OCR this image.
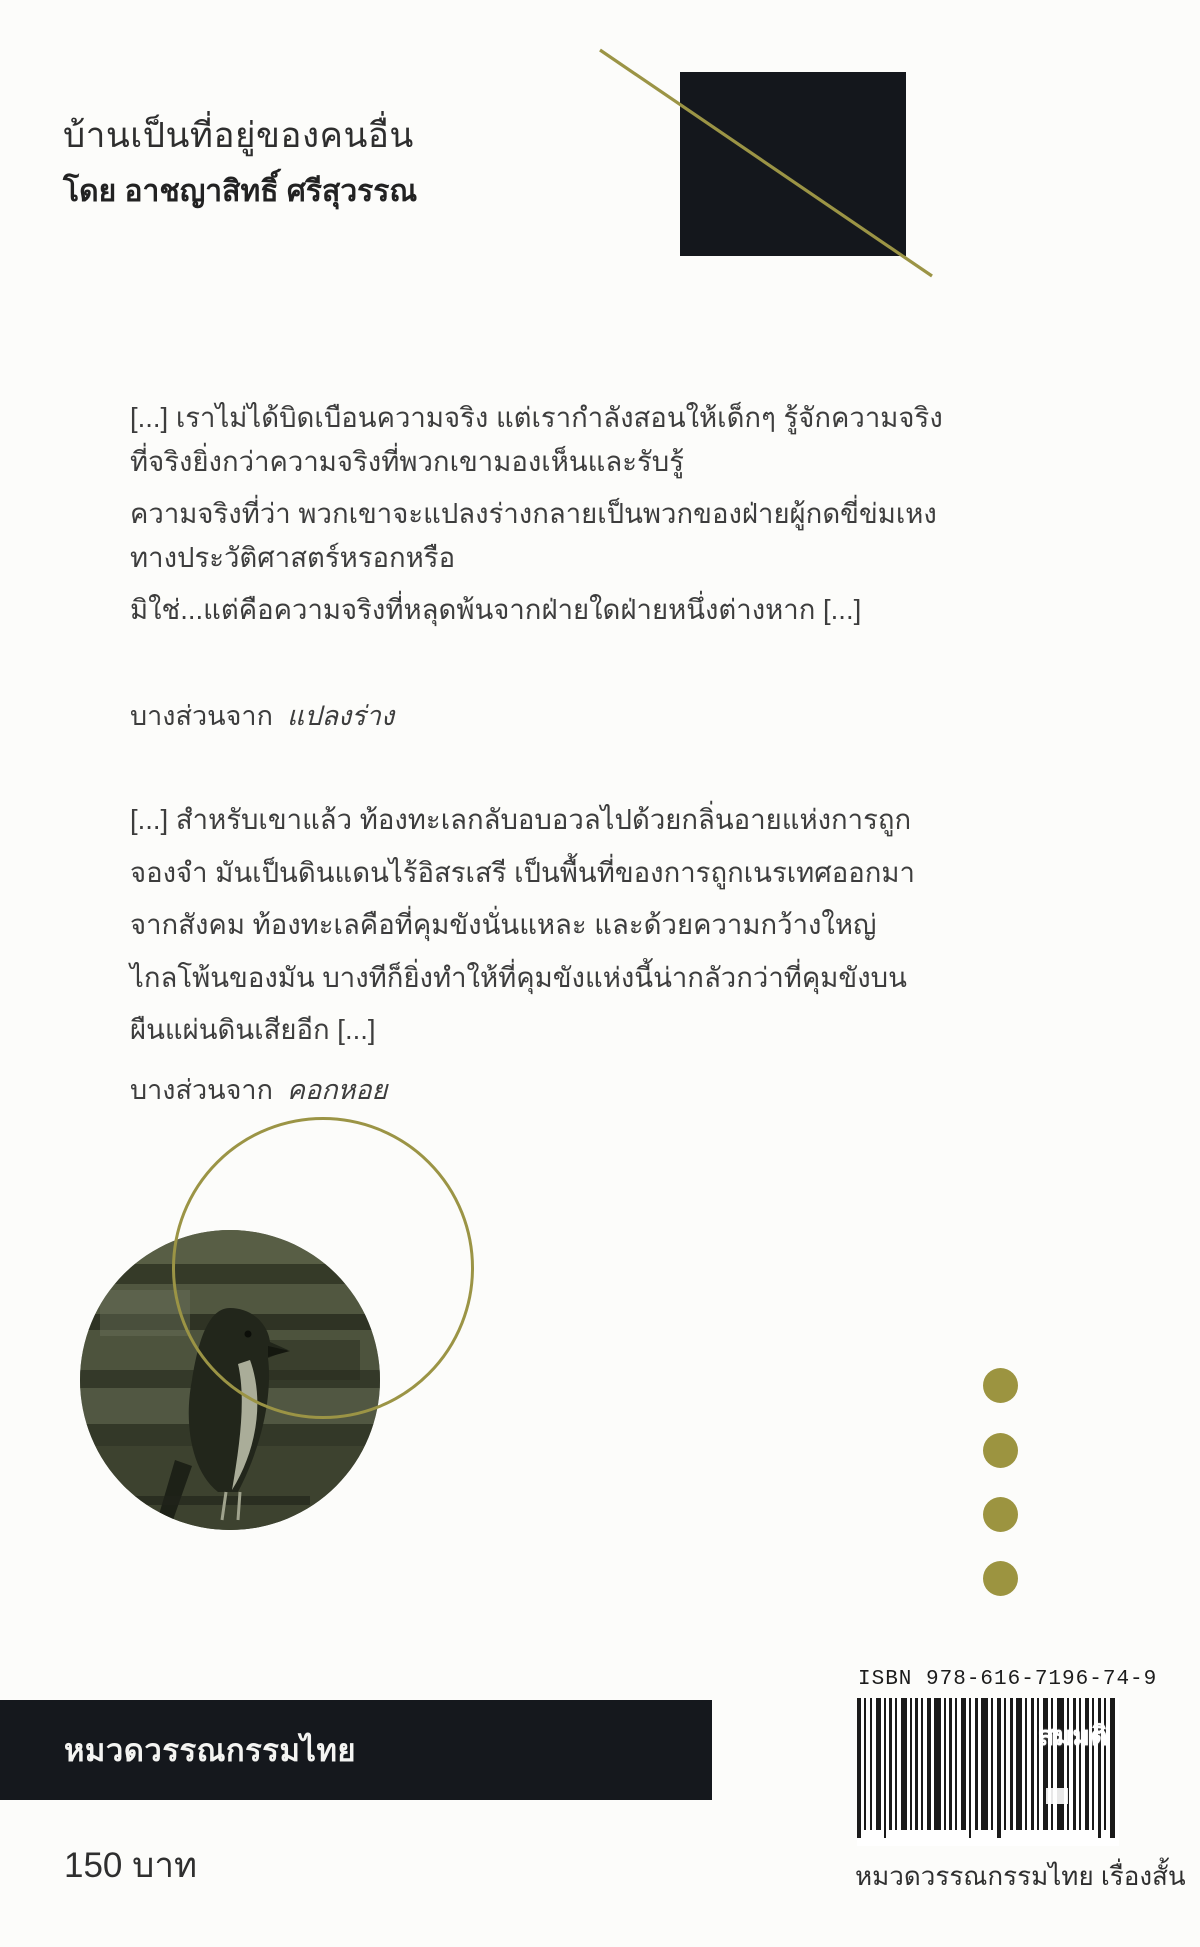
บ้านเป็นที่อยู่ของคนอื่น
โดย อาชญาสิทธิ์ ศรีสุวรรณ
[...] เราไม่ได้บิดเบือนความจริง แต่เรากำลังสอนให้เด็กๆ รู้จักความจริง
ที่จริงยิ่งกว่าความจริงที่พวกเขามองเห็นและรับรู้
ความจริงที่ว่า พวกเขาจะแปลงร่างกลายเป็นพวกของฝ่ายผู้กดขี่ข่มเหง
ทางประวัติศาสตร์หรอกหรือ
มิใช่...แต่คือความจริงที่หลุดพ้นจากฝ่ายใดฝ่ายหนึ่งต่างหาก [...]
บางส่วนจาก แปลงร่าง
[...] สำหรับเขาแล้ว ท้องทะเลกลับอบอวลไปด้วยกลิ่นอายแห่งการถูก
จองจำ มันเป็นดินแดนไร้อิสรเสรี เป็นพื้นที่ของการถูกเนรเทศออกมา
จากสังคม ท้องทะเลคือที่คุมขังนั่นแหละ และด้วยความกว้างใหญ่
ไกลโพ้นของมัน บางทีก็ยิ่งทำให้ที่คุมขังแห่งนี้น่ากลัวกว่าที่คุมขังบน
ผืนแผ่นดินเสียอีก [...]
บางส่วนจาก คอกหอย
หมวดวรรณกรรมไทย
150 บาท
ISBN 978-616-7196-74-9
สมมติ
หมวดวรรณกรรมไทย เรื่องสั้น
